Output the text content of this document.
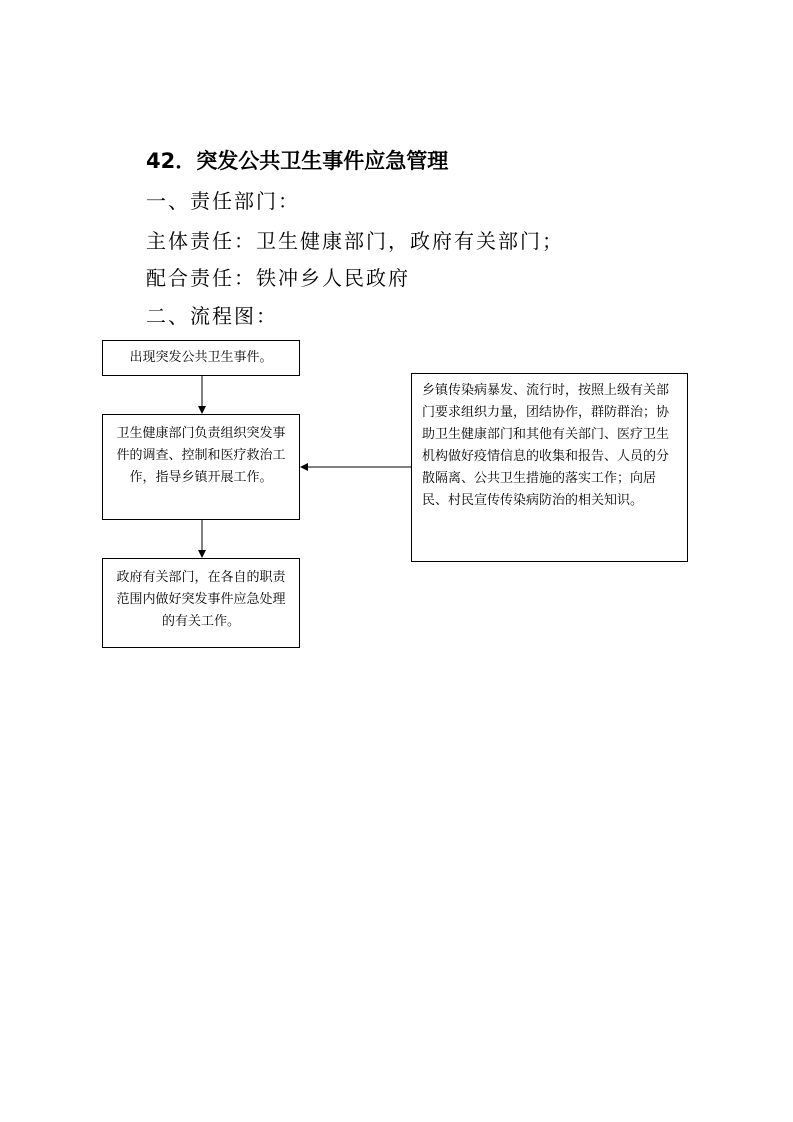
42．突发公共卫生事件应急管理
一、责任部门：
主体责任：卫生健康部门，政府有关部门；
配合责任：铁冲乡人民政府
二、流程图：
出现突发公共卫生事件。
卫生健康部门负责组织突发事件的调查、控制和医疗救治工作，指导乡镇开展工作。
政府有关部门，在各自的职责范围内做好突发事件应急处理的有关工作。
乡镇传染病暴发、流行时，按照上级有关部门要求组织力量，团结协作，群防群治；协助卫生健康部门和其他有关部门、医疗卫生机构做好疫情信息的收集和报告、人员的分散隔离、公共卫生措施的落实工作；向居民、村民宣传传染病防治的相关知识。
